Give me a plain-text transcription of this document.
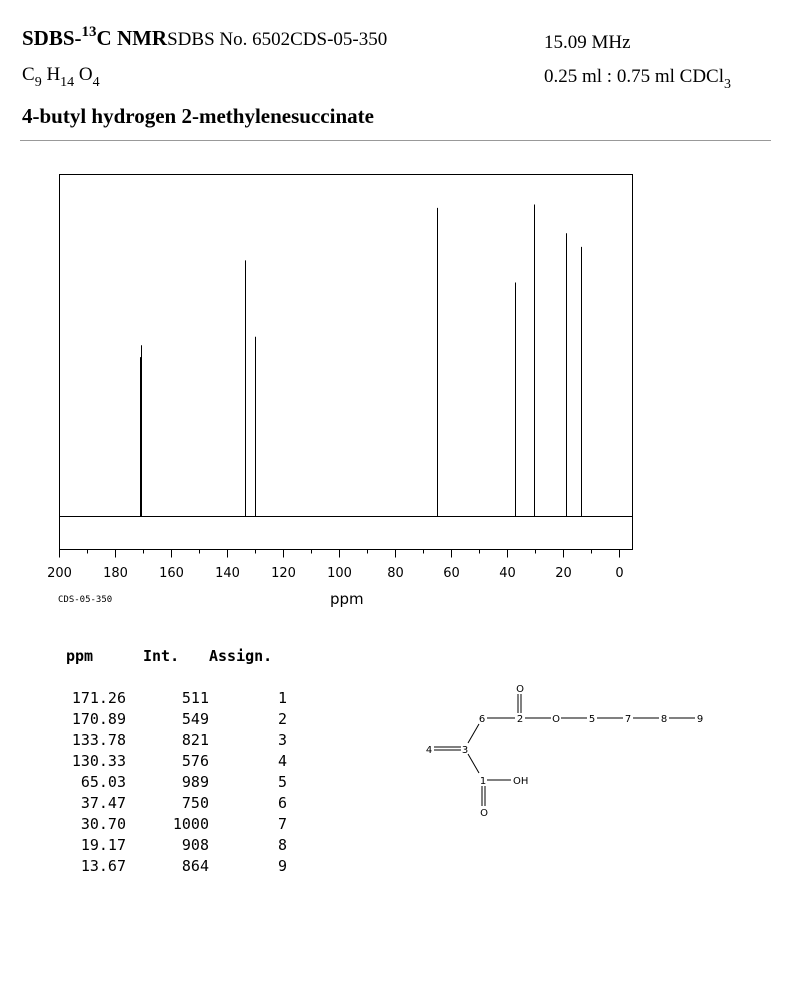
SDBS-$^{13}$C NMRSDBS No. 6502CDS-05-350
$C_9$ $H_{14}$ $O_4$
4-butyl hydrogen 2-methylenesuccinate
15.09 MHz
0.25 ml : 0.75 ml CDCl$_3$
200 180 160 140 120 100	80	60	40	20	0
CDS-05-350	ppm
ppm	Int.	Assign.

171.26	511	1
170.89	549	2
133.78	821	3
130.33	576	4
65.03	989	5
37.47	750	6
30.70	1000	7
19.17	908	8
13.67	864	9
6	2	O	5	7	8	9
O
4	3
1	OH
O
